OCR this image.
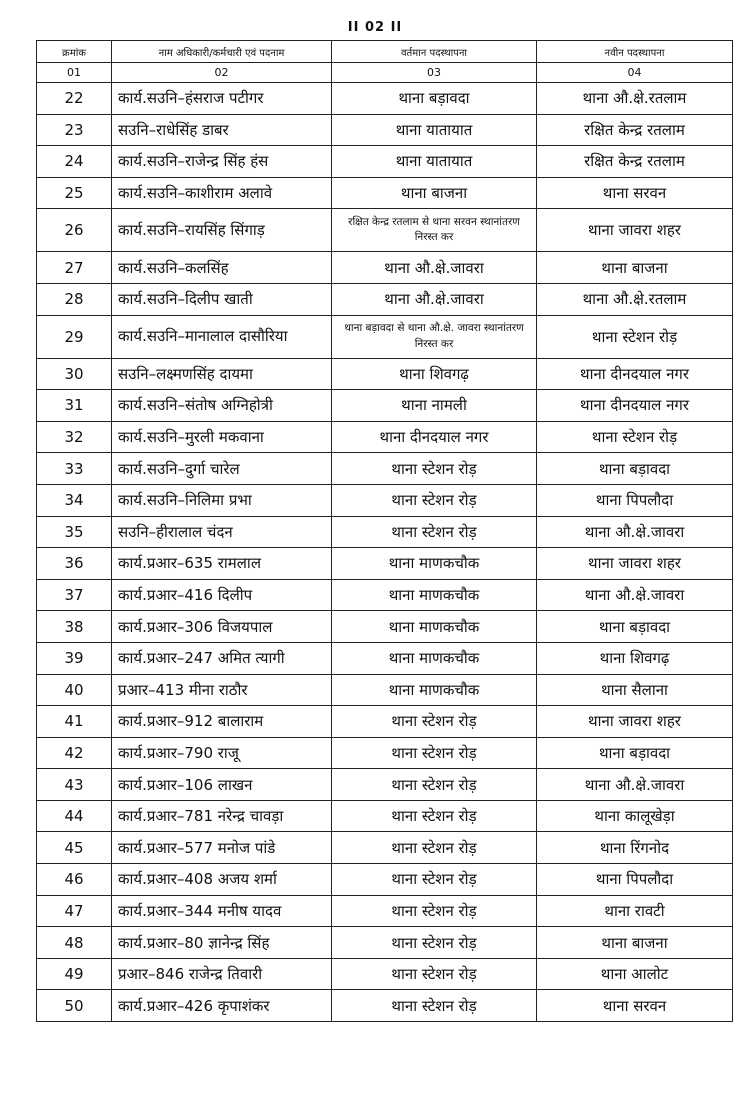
II 02 II
क्रमांक	नाम अधिकारी/कर्मचारी एवं पदनाम	वर्तमान पदस्थापना	नवीन पदस्थापना
01	02	03	04
22	कार्य.सउनि–हंसराज पटीगर	थाना बड़ावदा	थाना औ.क्षे.रतलाम
23	सउनि–राधेसिंह डाबर	थाना यातायात	रक्षित केन्द्र रतलाम
24	कार्य.सउनि–राजेन्द्र सिंह हंस	थाना यातायात	रक्षित केन्द्र रतलाम
25	कार्य.सउनि–काशीराम अलावे	थाना बाजना	थाना सरवन
26	कार्य.सउनि–रायसिंह सिंगाड़	रक्षित केन्द्र रतलाम से थाना सरवन स्थानांतरण निरस्त कर	थाना जावरा शहर
27	कार्य.सउनि–कलसिंह	थाना औ.क्षे.जावरा	थाना बाजना
28	कार्य.सउनि–दिलीप खाती	थाना औ.क्षे.जावरा	थाना औ.क्षे.रतलाम
29	कार्य.सउनि–मानालाल दासौरिया	थाना बड़ावदा से थाना औ.क्षे. जावरा स्थानांतरण निरस्त कर	थाना स्टेशन रोड़
30	सउनि–लक्ष्मणसिंह दायमा	थाना शिवगढ़	थाना दीनदयाल नगर
31	कार्य.सउनि–संतोष अग्निहोत्री	थाना नामली	थाना दीनदयाल नगर
32	कार्य.सउनि–मुरली मकवाना	थाना दीनदयाल नगर	थाना स्टेशन रोड़
33	कार्य.सउनि–दुर्गा चारेल	थाना स्टेशन रोड़	थाना बड़ावदा
34	कार्य.सउनि–निलिमा प्रभा	थाना स्टेशन रोड़	थाना पिपलौदा
35	सउनि–हीरालाल चंदन	थाना स्टेशन रोड़	थाना औ.क्षे.जावरा
36	कार्य.प्रआर–635 रामलाल	थाना माणकचौक	थाना जावरा शहर
37	कार्य.प्रआर–416 दिलीप	थाना माणकचौक	थाना औ.क्षे.जावरा
38	कार्य.प्रआर–306 विजयपाल	थाना माणकचौक	थाना बड़ावदा
39	कार्य.प्रआर–247 अमित त्यागी	थाना माणकचौक	थाना शिवगढ़
40	प्रआर–413 मीना राठौर	थाना माणकचौक	थाना सैलाना
41	कार्य.प्रआर–912 बालाराम	थाना स्टेशन रोड़	थाना जावरा शहर
42	कार्य.प्रआर–790 राजू	थाना स्टेशन रोड़	थाना बड़ावदा
43	कार्य.प्रआर–106 लाखन	थाना स्टेशन रोड़	थाना औ.क्षे.जावरा
44	कार्य.प्रआर–781 नरेन्द्र चावड़ा	थाना स्टेशन रोड़	थाना कालूखेड़ा
45	कार्य.प्रआर–577 मनोज पांडे	थाना स्टेशन रोड़	थाना रिंगनोद
46	कार्य.प्रआर–408 अजय शर्मा	थाना स्टेशन रोड़	थाना पिपलौदा
47	कार्य.प्रआर–344 मनीष यादव	थाना स्टेशन रोड़	थाना रावटी
48	कार्य.प्रआर–80 ज्ञानेन्द्र सिंह	थाना स्टेशन रोड़	थाना बाजना
49	प्रआर–846 राजेन्द्र तिवारी	थाना स्टेशन रोड़	थाना आलोट
50	कार्य.प्रआर–426 कृपाशंकर	थाना स्टेशन रोड़	थाना सरवन
